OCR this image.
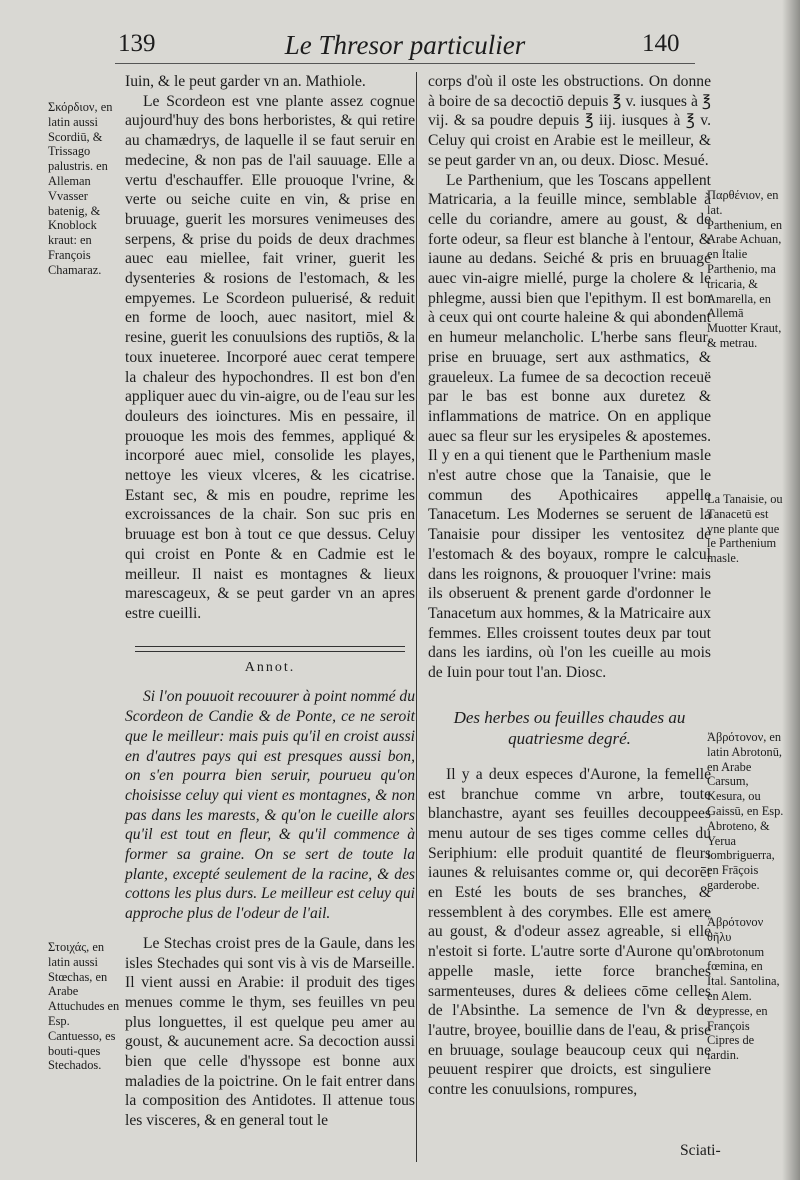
139	Le Thresor particulier	140
Σκόρδιον, en latin aussi Scordiū, & Trissago palustris. en Alleman Vvasser batenig, & Knoblock kraut: en François Chamaraz.
Στοιχάς, en latin aussi Stœchas, en Arabe Attuchudes en Esp. Cantuesso, es bouti-ques Stechados.

Iuin, & le peut garder vn an. Mathiole.

Le Scordeon est vne plante assez cognue aujourd'huy des bons herboristes, & qui retire au chamædrys, de laquelle il se faut seruir en medecine, & non pas de l'ail sauuage. Elle a vertu d'eschauffer. Elle prouoque l'vrine, & verte ou seiche cuite en vin, & prise en bruuage, guerit les morsures venimeuses des serpens, & prise du poids de deux drachmes auec eau miellee, fait vriner, guerit les dysenteries & rosions de l'estomach, & les empyemes. Le Scordeon puluerisé, & reduit en forme de looch, auec nasitort, miel & resine, guerit les conuulsions des ruptiōs, & la toux inueteree. Incorporé auec cerat tempere la chaleur des hypochondres. Il est bon d'en appliquer auec du vin-aigre, ou de l'eau sur les douleurs des ioinctures. Mis en pessaire, il prouoque les mois des femmes, appliqué & incorporé auec miel, consolide les playes, nettoye les vieux vlceres, & les cicatrise. Estant sec, & mis en poudre, reprime les excroissances de la chair. Son suc pris en bruuage est bon à tout ce que dessus. Celuy qui croist en Ponte & en Cadmie est le meilleur. Il naist es montagnes & lieux marescageux, & se peut garder vn an apres estre cueilli.

Annot.

Si l'on pouuoit recouurer à point nommé du Scordeon de Candie & de Ponte, ce ne seroit que le meilleur: mais puis qu'il en croist aussi en d'autres pays qui est presques aussi bon, on s'en pourra bien seruir, pourueu qu'on choisisse celuy qui vient es montagnes, & non pas dans les marests, & qu'on le cueille alors qu'il est tout en fleur, & qu'il commence à former sa graine. On se sert de toute la plante, excepté seulement de la racine, & des cottons les plus durs. Le meilleur est celuy qui approche plus de l'odeur de l'ail.

Le Stechas croist pres de la Gaule, dans les isles Stechades qui sont vis à vis de Marseille. Il vient aussi en Arabie: il produit des tiges menues comme le thym, ses feuilles vn peu plus longuettes, il est quelque peu amer au goust, & aucunement acre. Sa decoction aussi bien que celle d'hyssope est bonne aux maladies de la poictrine. On le fait entrer dans la composition des Antidotes. Il attenue tous les visceres, & en general tout le

corps d'où il oste les obstructions. On donne à boire de sa decoctiō depuis ℥ v. iusques à ℥ vij. & sa poudre depuis ℥ iij. iusques à ℥ v. Celuy qui croist en Arabie est le meilleur, & se peut garder vn an, ou deux. Diosc. Mesué.

Le Parthenium, que les Toscans appellent Matricaria, a la feuille mince, semblable à celle du coriandre, amere au goust, & de forte odeur, sa fleur est blanche à l'entour, & iaune au dedans. Seiché & pris en bruuage auec vin-aigre miellé, purge la cholere & le phlegme, aussi bien que l'epithym. Il est bon à ceux qui ont courte haleine & qui abondent en humeur melancholic. L'herbe sans fleur, prise en bruuage, sert aux asthmatics, & graueleux. La fumee de sa decoction receuë par le bas est bonne aux duretez & inflammations de matrice. On en applique auec sa fleur sur les erysipeles & apostemes. Il y en a qui tienent que le Parthenium masle n'est autre chose que la Tanaisie, que le commun des Apothicaires appelle Tanacetum. Les Modernes se seruent de la Tanaisie pour dissiper les ventositez de l'estomach & des boyaux, rompre le calcul dans les roignons, & prouoquer l'vrine: mais ils obseruent & prenent garde d'ordonner le Tanacetum aux hommes, & la Matricaire aux femmes. Elles croissent toutes deux par tout dans les iardins, où l'on les cueille au mois de Iuin pour tout l'an. Diosc.

Des herbes ou feuilles chaudes au quatriesme degré.

Il y a deux especes d'Aurone, la femelle est branchue comme vn arbre, toute blanchastre, ayant ses feuilles decouppees menu autour de ses tiges comme celles du Seriphium: elle produit quantité de fleurs iaunes & reluisantes comme or, qui decorēt en Esté les bouts de ses branches, & ressemblent à des corymbes. Elle est amere au goust, & d'odeur assez agreable, si elle n'estoit si forte. L'autre sorte d'Aurone qu'on appelle masle, iette force branches sarmenteuses, dures & deliees cōme celles de l'Absinthe. La semence de l'vn & de l'autre, broyee, bouillie dans de l'eau, & prise en bruuage, soulage beaucoup ceux qui ne peuuent respirer que droicts, est singuliere contre les conuulsions, rompures,

Παρθένιον, en lat. Parthenium, en Arabe Achuan, en Italie Parthenio, ma tricaria, & Amarella, en Allemā Muotter Kraut, & metrau.
La Tanaisie, ou Tanacetū est vne plante que le Parthenium masle.
Ἀβρότονον, en latin Abrotonū, en Arabe Carsum, Kesura, ou Gaissū, en Esp. Abroteno, & Yerua lombriguerra, en Frāçois garderobe.
Ἀβρότονον θῆλυ Abrotonum fœmina, en Ital. Santolina, en Alem. cypresse, en François Cipres de iardin.
Sciati-
